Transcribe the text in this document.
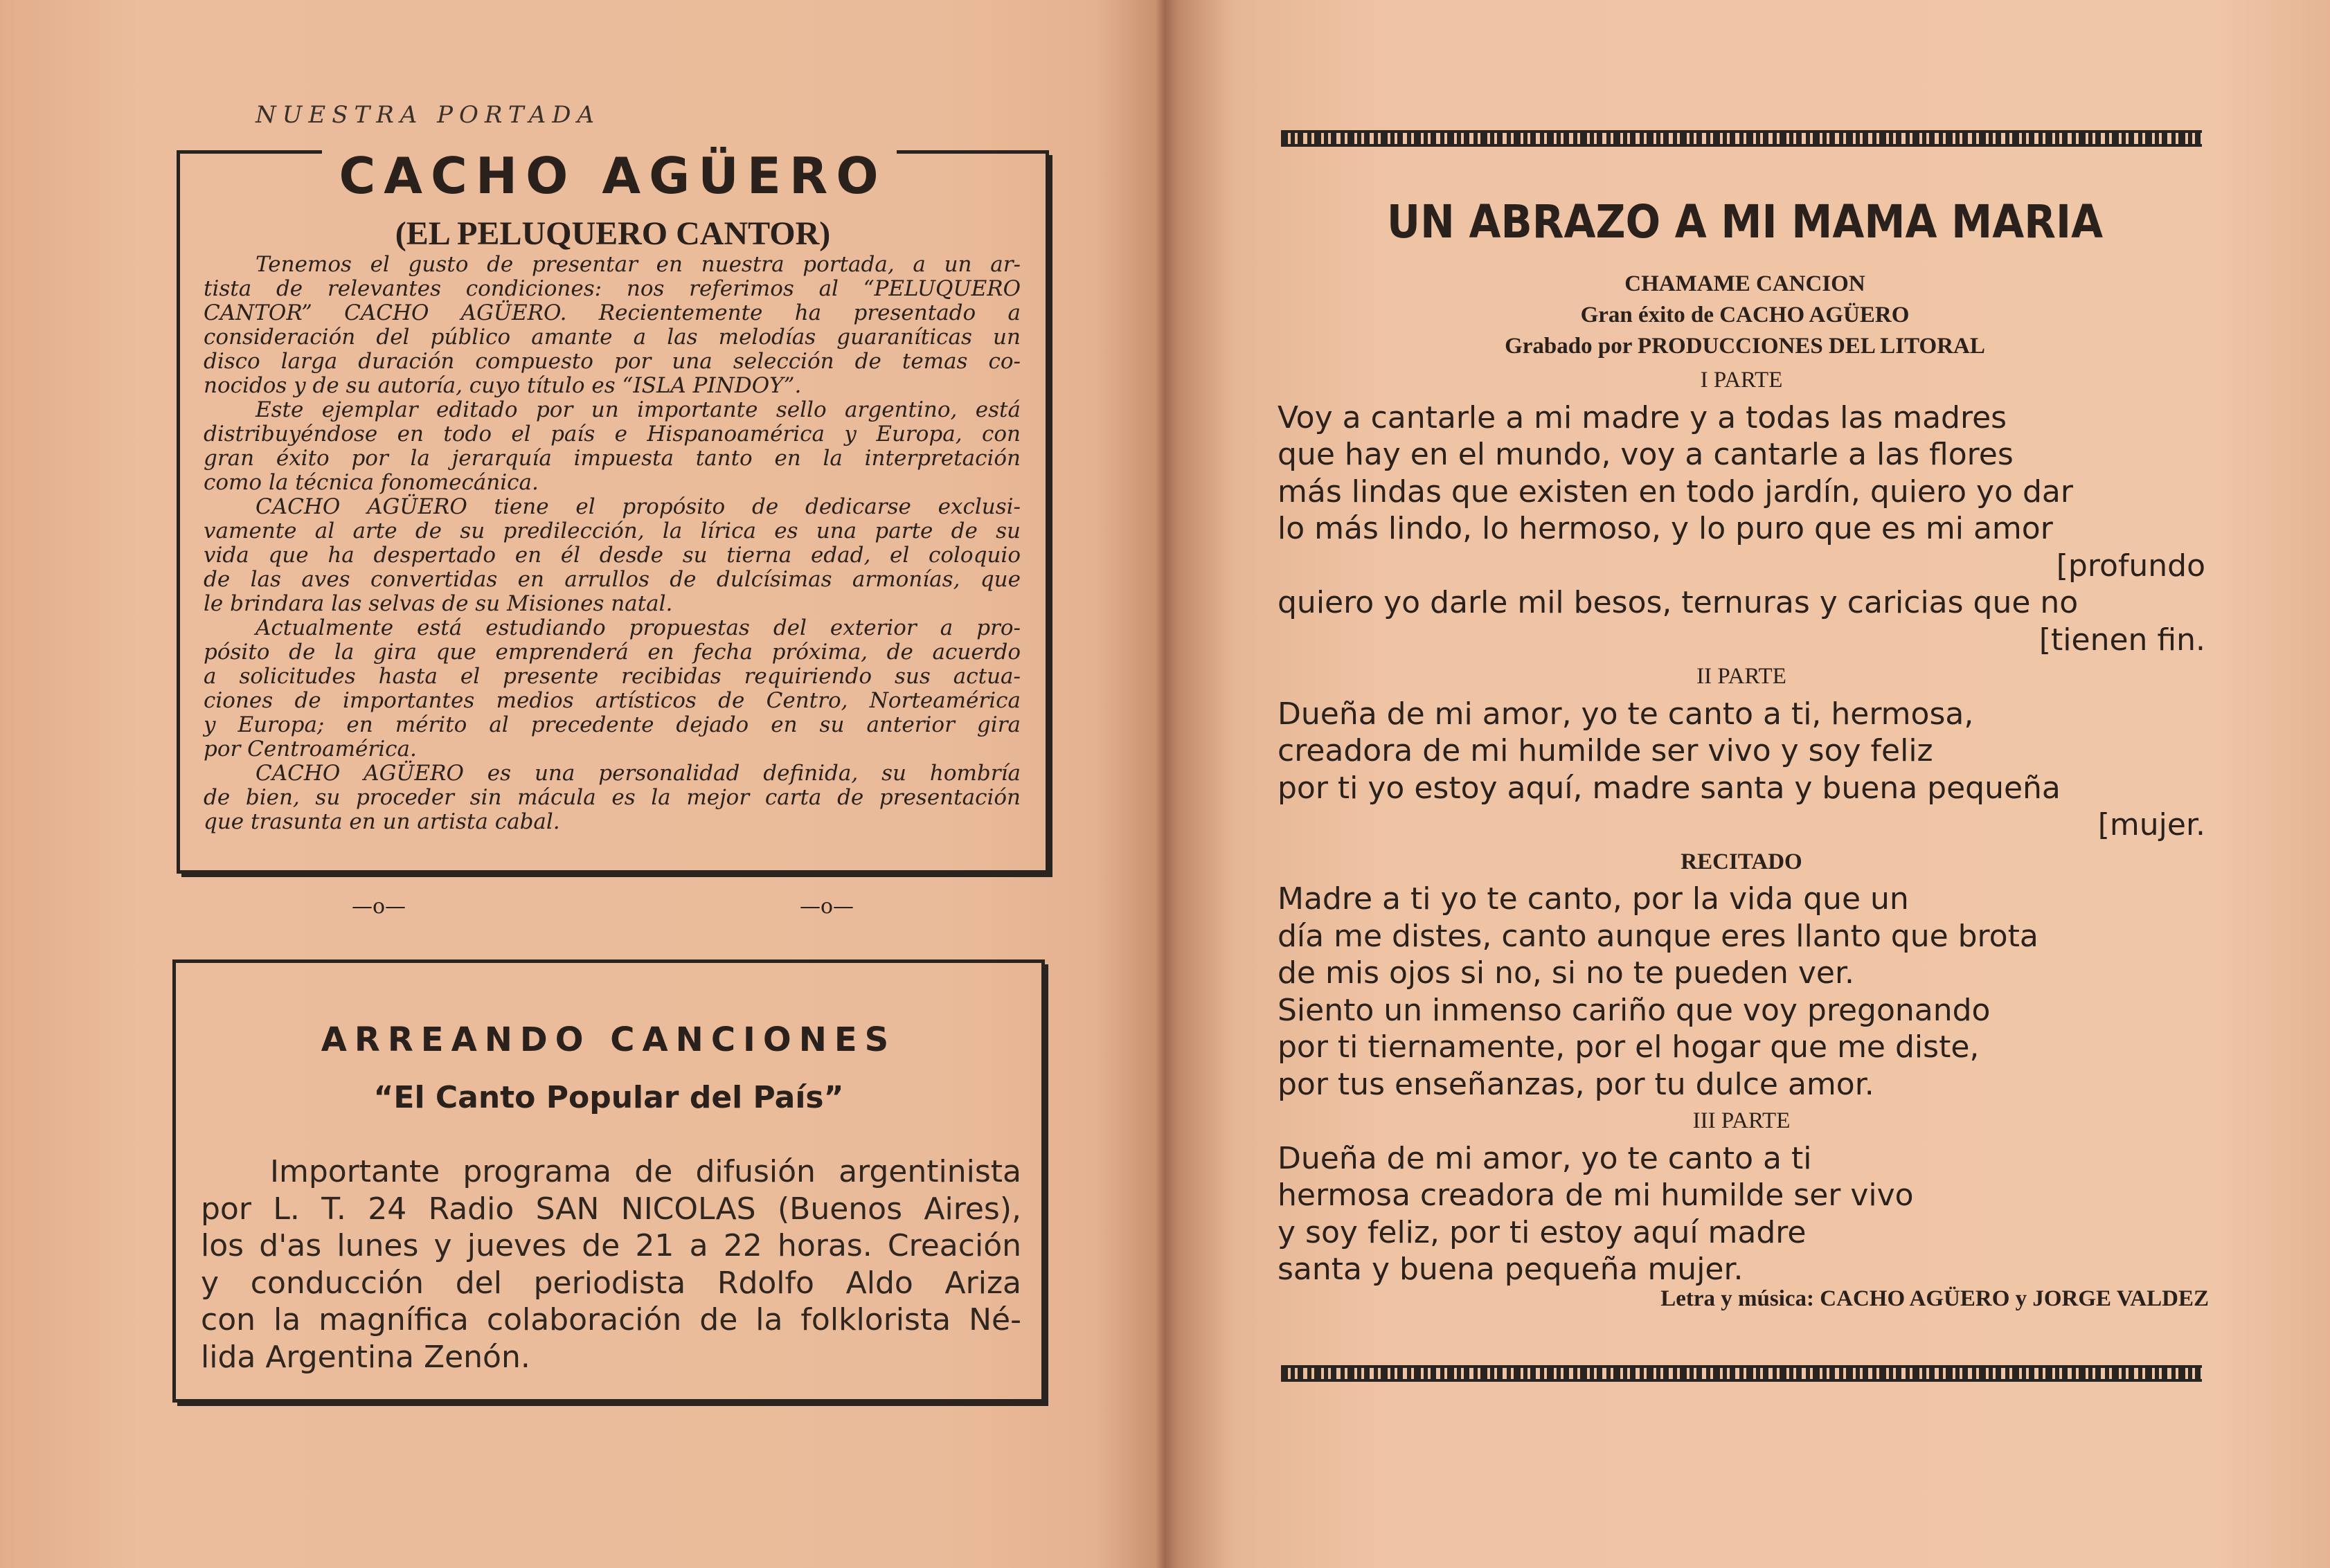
NUESTRA PORTADA
CACHO AGÜERO
(EL PELUQUERO CANTOR)
Tenemos el gusto de presentar en nuestra portada, a un ar-
tista de relevantes condiciones: nos referimos al “PELUQUERO
CANTOR” CACHO AGÜERO. Recientemente ha presentado a
consideración del público amante a las melodías guaraníticas un
disco larga duración compuesto por una selección de temas co-
nocidos y de su autoría, cuyo título es “ISLA PINDOY”.
Este ejemplar editado por un importante sello argentino, está
distribuyéndose en todo el país e Hispanoamérica y Europa, con
gran éxito por la jerarquía impuesta tanto en la interpretación
como la técnica fonomecánica.
CACHO AGÜERO tiene el propósito de dedicarse exclusi-
vamente al arte de su predilección, la lírica es una parte de su
vida que ha despertado en él desde su tierna edad, el coloquio
de las aves convertidas en arrullos de dulcísimas armonías, que
le brindara las selvas de su Misiones natal.
Actualmente está estudiando propuestas del exterior a pro-
pósito de la gira que emprenderá en fecha próxima, de acuerdo
a solicitudes hasta el presente recibidas requiriendo sus actua-
ciones de importantes medios artísticos de Centro, Norteamérica
y Europa; en mérito al precedente dejado en su anterior gira
por Centroamérica.
CACHO AGÜERO es una personalidad definida, su hombría
de bien, su proceder sin mácula es la mejor carta de presentación
que trasunta en un artista cabal.
—o—	—o—
ARREANDO CANCIONES
“El Canto Popular del País”
Importante programa de difusión argentinista
por L. T. 24 Radio SAN NICOLAS (Buenos Aires),
los d'as lunes y jueves de 21 a 22 horas. Creación
y conducción del periodista Rdolfo Aldo Ariza
con la magnífica colaboración de la folklorista Né-
lida Argentina Zenón.
UN ABRAZO A MI MAMA MARIA
CHAMAME CANCION
Gran éxito de CACHO AGÜERO
Grabado por PRODUCCIONES DEL LITORAL
I PARTE
Voy a cantarle a mi madre y a todas las madres
que hay en el mundo, voy a cantarle a las flores
más lindas que existen en todo jardín, quiero yo dar
lo más lindo, lo hermoso, y lo puro que es mi amor
[profundo
quiero yo darle mil besos, ternuras y caricias que no
[tienen fin.
II PARTE
Dueña de mi amor, yo te canto a ti, hermosa,
creadora de mi humilde ser vivo y soy feliz
por ti yo estoy aquí, madre santa y buena pequeña
[mujer.
RECITADO
Madre a ti yo te canto, por la vida que un
día me distes, canto aunque eres llanto que brota
de mis ojos si no, si no te pueden ver.
Siento un inmenso cariño que voy pregonando
por ti tiernamente, por el hogar que me diste,
por tus enseñanzas, por tu dulce amor.
III PARTE
Dueña de mi amor, yo te canto a ti
hermosa creadora de mi humilde ser vivo
y soy feliz, por ti estoy aquí madre
santa y buena pequeña mujer.
Letra y música: CACHO AGÜERO y JORGE VALDEZ
